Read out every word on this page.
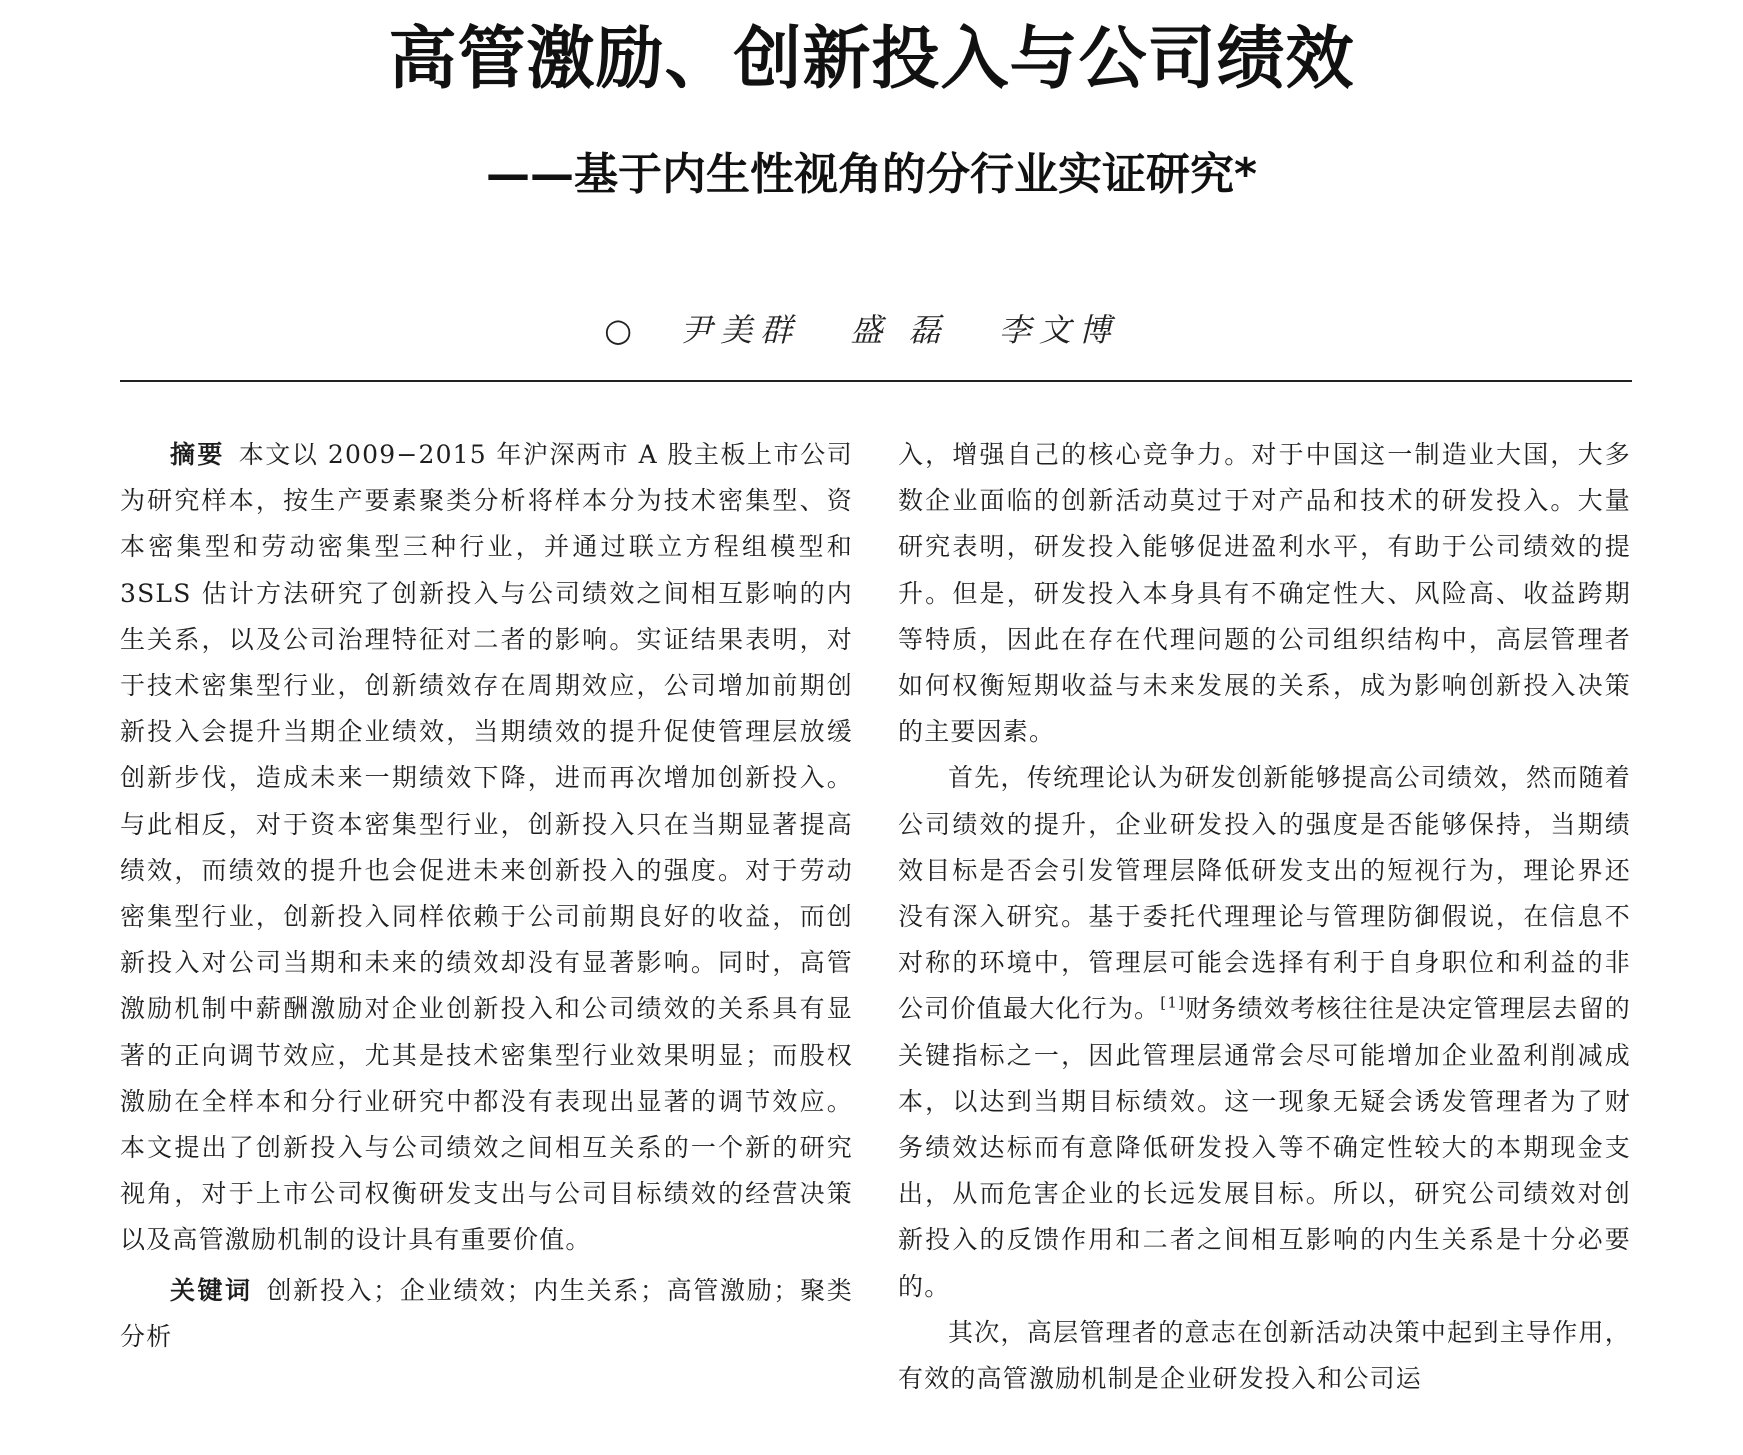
高管激励、创新投入与公司绩效
——基于内生性视角的分行业实证研究*
○ 尹美群 盛 磊 李文博

摘要 本文以 2009−2015 年沪深两市 A 股主板上市公司为研究样本，按生产要素聚类分析将样本分为技术密集型、资本密集型和劳动密集型三种行业，并通过联立方程组模型和 3SLS 估计方法研究了创新投入与公司绩效之间相互影响的内生关系，以及公司治理特征对二者的影响。实证结果表明，对于技术密集型行业，创新绩效存在周期效应，公司增加前期创新投入会提升当期企业绩效，当期绩效的提升促使管理层放缓创新步伐，造成未来一期绩效下降，进而再次增加创新投入。与此相反，对于资本密集型行业，创新投入只在当期显著提高绩效，而绩效的提升也会促进未来创新投入的强度。对于劳动密集型行业，创新投入同样依赖于公司前期良好的收益，而创新投入对公司当期和未来的绩效却没有显著影响。同时，高管激励机制中薪酬激励对企业创新投入和公司绩效的关系具有显著的正向调节效应，尤其是技术密集型行业效果明显；而股权激励在全样本和分行业研究中都没有表现出显著的调节效应。本文提出了创新投入与公司绩效之间相互关系的一个新的研究视角，对于上市公司权衡研发支出与公司目标绩效的经营决策以及高管激励机制的设计具有重要价值。

关键词 创新投入；企业绩效；内生关系；高管激励；聚类分析

入，增强自己的核心竞争力。对于中国这一制造业大国，大多数企业面临的创新活动莫过于对产品和技术的研发投入。大量研究表明，研发投入能够促进盈利水平，有助于公司绩效的提升。但是，研发投入本身具有不确定性大、风险高、收益跨期等特质，因此在存在代理问题的公司组织结构中，高层管理者如何权衡短期收益与未来发展的关系，成为影响创新投入决策的主要因素。

首先，传统理论认为研发创新能够提高公司绩效，然而随着公司绩效的提升，企业研发投入的强度是否能够保持，当期绩效目标是否会引发管理层降低研发支出的短视行为，理论界还没有深入研究。基于委托代理理论与管理防御假说，在信息不对称的环境中，管理层可能会选择有利于自身职位和利益的非公司价值最大化行为。[1]财务绩效考核往往是决定管理层去留的关键指标之一，因此管理层通常会尽可能增加企业盈利削减成本，以达到当期目标绩效。这一现象无疑会诱发管理者为了财务绩效达标而有意降低研发投入等不确定性较大的本期现金支出，从而危害企业的长远发展目标。所以，研究公司绩效对创新投入的反馈作用和二者之间相互影响的内生关系是十分必要的。

其次，高层管理者的意志在创新活动决策中起到主导作用，有效的高管激励机制是企业研发投入和公司运
